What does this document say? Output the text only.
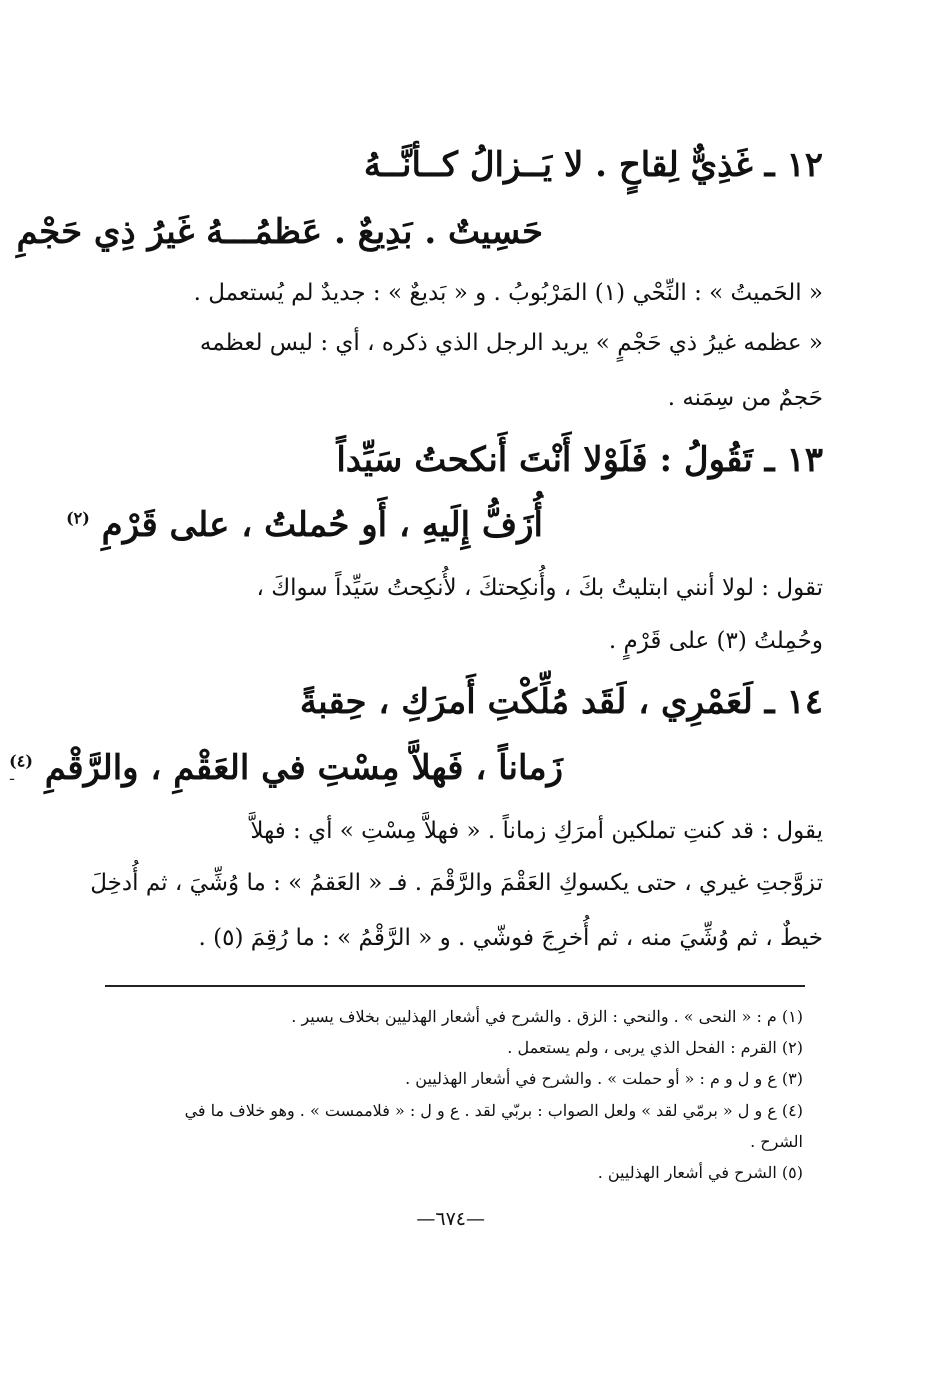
١٢ ـ غَذِيٌّ لِقاحٍ . لا يَــزالُ كــأنَّــهُ
حَسِيتٌ . بَدِيعٌ . عَظمُـــهُ غَيرُ ذِي حَجْمِ
« الحَميتُ » : النِّحْي (١) المَرْبُوبُ . و « بَديعٌ » : جديدٌ لم يُستعمل .
« عظمه غيرُ ذي حَجْمٍ » يريد الرجل الذي ذكره ، أي : ليس لعظمه
حَجمٌ من سِمَنه .
١٣ ـ تَقُولُ : فَلَوْلا أَنْتَ أَنكحتُ سَيِّداً
أُزَفُّ إِلَيهِ ، أَو حُملتُ ، على قَرْمِ $^{(٢)}$
تقول : لولا أنني ابتليتُ بكَ ، وأُنكِحتكَ ، لأُنكِحتُ سَيِّداً سواكَ ،
وحُمِلتُ (٣) على قَرْمٍ .
١٤ ـ لَعَمْرِي ، لَقَد مُلِّكْتِ أَمرَكِ ، حِقبةً
زَماناً ، فَهلاَّ مِسْتِ في العَقْمِ ، والرَّقْمِ $^{(٤)}$
يقول : قد كنتِ تملكين أمرَكِ زماناً . « فهلاَّ مِسْتِ » أي : فهلاَّ
تزوَّجتِ غيري ، حتى يكسوكِ العَقْمَ والرَّقْمَ . فـ « العَقمُ » : ما وُشِّيَ ، ثم أُدخِلَ
خيطٌ ، ثم وُشِّيَ منه ، ثم أُخرِجَ فوشّي . و « الرَّقْمُ » : ما رُقِمَ (٥) .
(١) م : « النحى » . والنحي : الزق . والشرح في أشعار الهذليين بخلاف يسير .
(٢) القرم : الفحل الذي يربى ، ولم يستعمل .
(٣) ع و ل و م : « أو حملت » . والشرح في أشعار الهذليين .
(٤) ع و ل « برمّي لقد » ولعل الصواب : بربّي لقد . ع و ل : « فلاممست » . وهو خلاف ما في
الشرح .
(٥) الشرح في أشعار الهذليين .
—٦٧٤—
ـ
